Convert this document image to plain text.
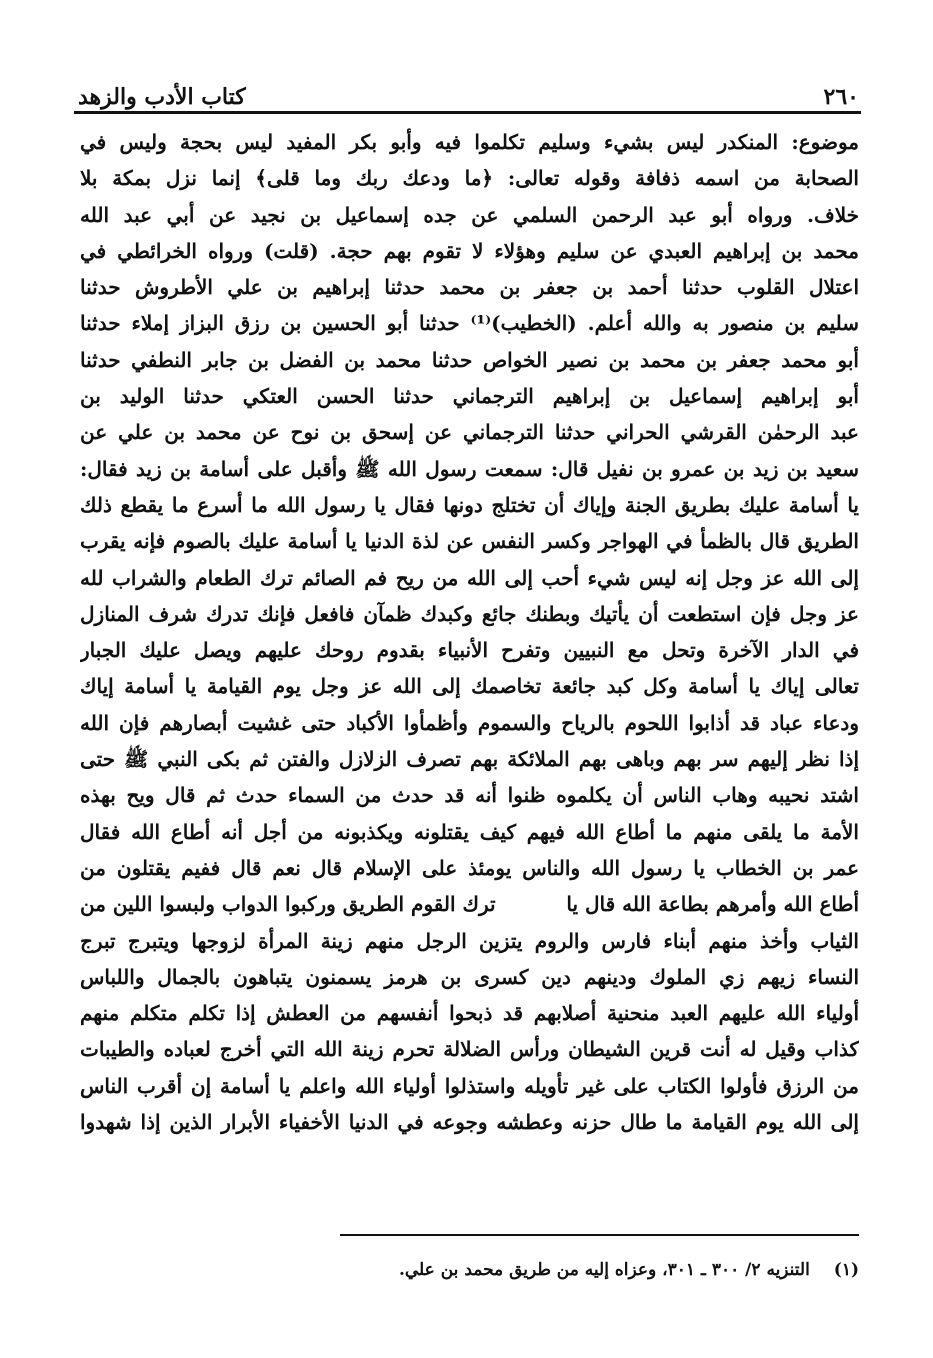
كتاب الأدب والزهد	٢٦٠
موضوع: المنكدر ليس بشيء وسليم تكلموا فيه وأبو بكر المفيد ليس بحجة وليس في
الصحابة من اسمه ذفافة وقوله تعالى: ﴿ما ودعك ربك وما قلى﴾ إنما نزل بمكة بلا
خلاف. ورواه أبو عبد الرحمن السلمي عن جده إسماعيل بن نجيد عن أبي عبد الله
محمد بن إبراهيم العبدي عن سليم وهؤلاء لا تقوم بهم حجة. (قلت) ورواه الخرائطي في
اعتلال القلوب حدثنا أحمد بن جعفر بن محمد حدثنا إبراهيم بن علي الأطروش حدثنا
سليم بن منصور به والله أعلم. (الخطيب)⁽¹⁾ حدثنا أبو الحسين بن رزق البزاز إملاء حدثنا
أبو محمد جعفر بن محمد بن نصير الخواص حدثنا محمد بن الفضل بن جابر النطفي حدثنا
أبو إبراهيم إسماعيل بن إبراهيم الترجماني حدثنا الحسن العتكي حدثنا الوليد بن
عبد الرحمٰن القرشي الحراني حدثنا الترجماني عن إسحق بن نوح عن محمد بن علي عن
سعيد بن زيد بن عمرو بن نفيل قال: سمعت رسول الله ﷺ وأقبل على أسامة بن زيد فقال:
يا أسامة عليك بطريق الجنة وإياك أن تختلج دونها فقال يا رسول الله ما أسرع ما يقطع ذلك
الطريق قال بالظمأ في الهواجر وكسر النفس عن لذة الدنيا يا أسامة عليك بالصوم فإنه يقرب
إلى الله عز وجل إنه ليس شيء أحب إلى الله من ريح فم الصائم ترك الطعام والشراب لله
عز وجل فإن استطعت أن يأتيك وبطنك جائع وكبدك ظمآن فافعل فإنك تدرك شرف المنازل
في الدار الآخرة وتحل مع النبيين وتفرح الأنبياء بقدوم روحك عليهم ويصل عليك الجبار
تعالى إياك يا أسامة وكل كبد جائعة تخاصمك إلى الله عز وجل يوم القيامة يا أسامة إياك
ودعاء عباد قد أذابوا اللحوم بالرياح والسموم وأظمأوا الأكباد حتى غشيت أبصارهم فإن الله
إذا نظر إليهم سر بهم وباهى بهم الملائكة بهم تصرف الزلازل والفتن ثم بكى النبي ﷺ حتى
اشتد نحيبه وهاب الناس أن يكلموه ظنوا أنه قد حدث من السماء حدث ثم قال ويح بهذه
الأمة ما يلقى منهم ما أطاع الله فيهم كيف يقتلونه ويكذبونه من أجل أنه أطاع الله فقال
عمر بن الخطاب يا رسول الله والناس يومئذ على الإسلام قال نعم قال ففيم يقتلون من
أطاع الله وأمرهم بطاعة الله قال يا
ترك القوم الطريق وركبوا الدواب ولبسوا اللين من
الثياب وأخذ منهم أبناء فارس والروم يتزين الرجل منهم زينة المرأة لزوجها ويتبرج تبرج
النساء زيهم زي الملوك ودينهم دين كسرى بن هرمز يسمنون يتباهون بالجمال واللباس
أولياء الله عليهم العبد منحنية أصلابهم قد ذبحوا أنفسهم من العطش إذا تكلم متكلم منهم
كذاب وقيل له أنت قرين الشيطان ورأس الضلالة تحرم زينة الله التي أخرج لعباده والطيبات
من الرزق فأولوا الكتاب على غير تأويله واستذلوا أولياء الله واعلم يا أسامة إن أقرب الناس
إلى الله يوم القيامة ما طال حزنه وعطشه وجوعه في الدنيا الأخفياء الأبرار الذين إذا شهدوا
(١) التنزيه ٢/ ٣٠٠ ـ ٣٠١، وعزاه إليه من طريق محمد بن علي.
